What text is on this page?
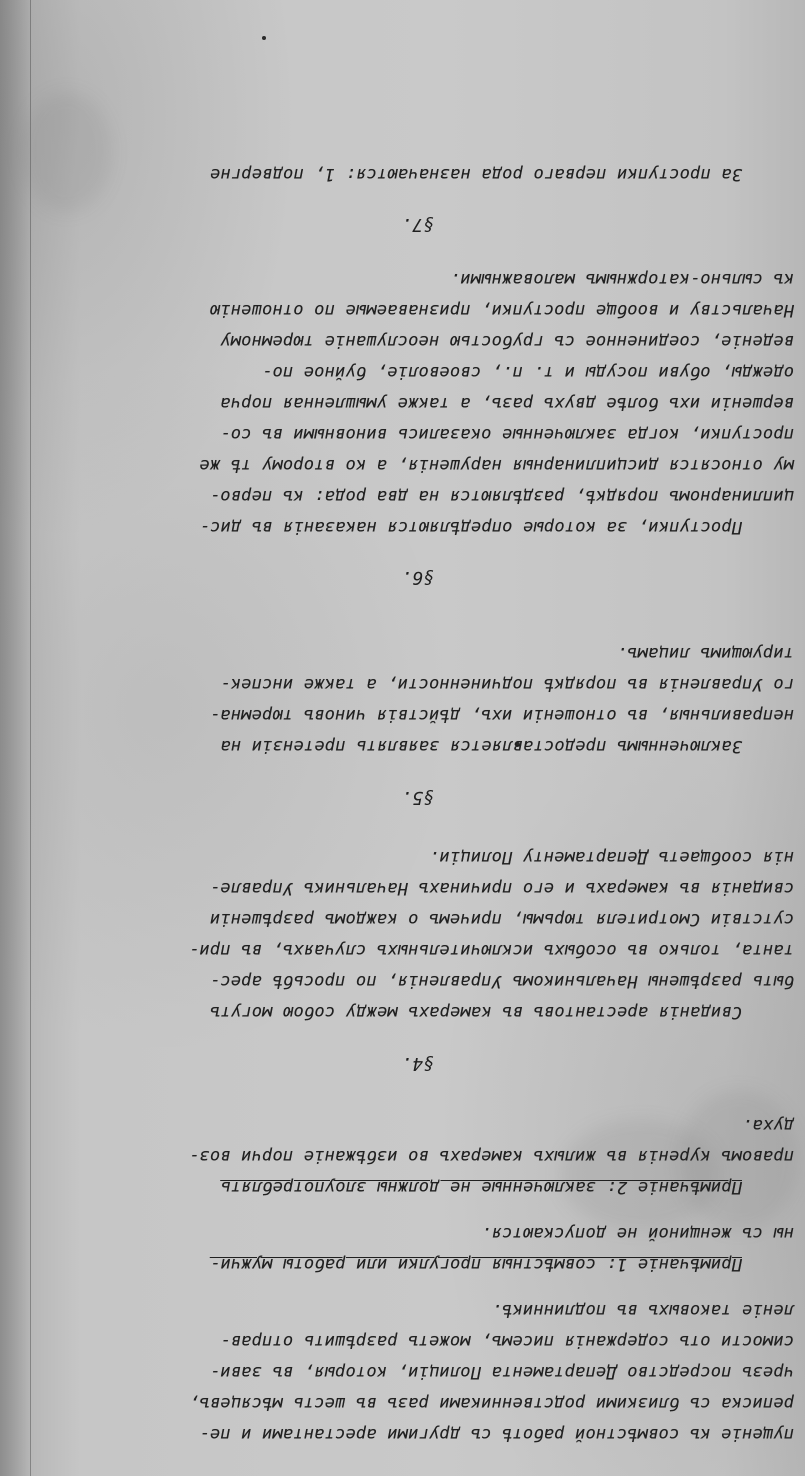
пущеніе къ совмѣстной работѣ съ другими арестантами и пе-
реписка съ близкими родственниками разъ въ шесть мѣсяцевъ,
чрезъ посредство Департамента Полиціи, которыя, въ зави-
симости отъ содержанія писемъ, можетъ разрѣшить отправ-
леніе таковыхъ въ подлинникѣ.
Примѣчаніе 1: совмѣстныя прогулки или работы мужчи-
ны съ женщиной не допускаются.
Примѣчаніе 2: заключенные не должны злоупотреблять
правомъ куренія въ жилыхъ камерахъ во избѣжаніе порчи воз-
духа.
§4.
Свиданія арестантовъ въ камерахъ между собою могутъ
быть разрѣшены Начальникомъ Управленія, по просьбѣ арес-
танта, только въ особыхъ исключительныхъ случаяхъ, въ при-
сутствіи Смотрителя тюрьмы, причемъ о каждомъ разрѣшеніи
свиданія въ камерахъ и его причинахъ Начальникъ Управле-
нія сообщаетъ Департаменту Полиціи.
§5.
Заключеннымъ предоставляется заявлять претензіи на
неправильныя, въ отношеніи ихъ, дѣйствія чиновъ тюремна-
го Управленія въ порядкѣ подчиненности, а также инспек-
тирующимъ лицамъ.
§6.
Проступки, за которые опредѣляются наказанія въ дис-
циплинарномъ порядкѣ, раздѣляются на два рода: къ перво-
му относятся дисциплинарныя нарушенія, а ко второму тѣ же
проступки, когда заключенные оказались виновными въ со-
вершеніи ихъ болѣе двухъ разъ, а также умышленная порча
одежды, обуви посуды и т. п., своеволіе, буйное по-
веденіе, соединенное съ грубостью неослушаніе тюремному
Начальству и вообще проступки, признаваемые по отношенію
къ сыльно-каторжнымъ маловажными.
§7.
За проступки перваго рода назначаются: 1, подвергне
